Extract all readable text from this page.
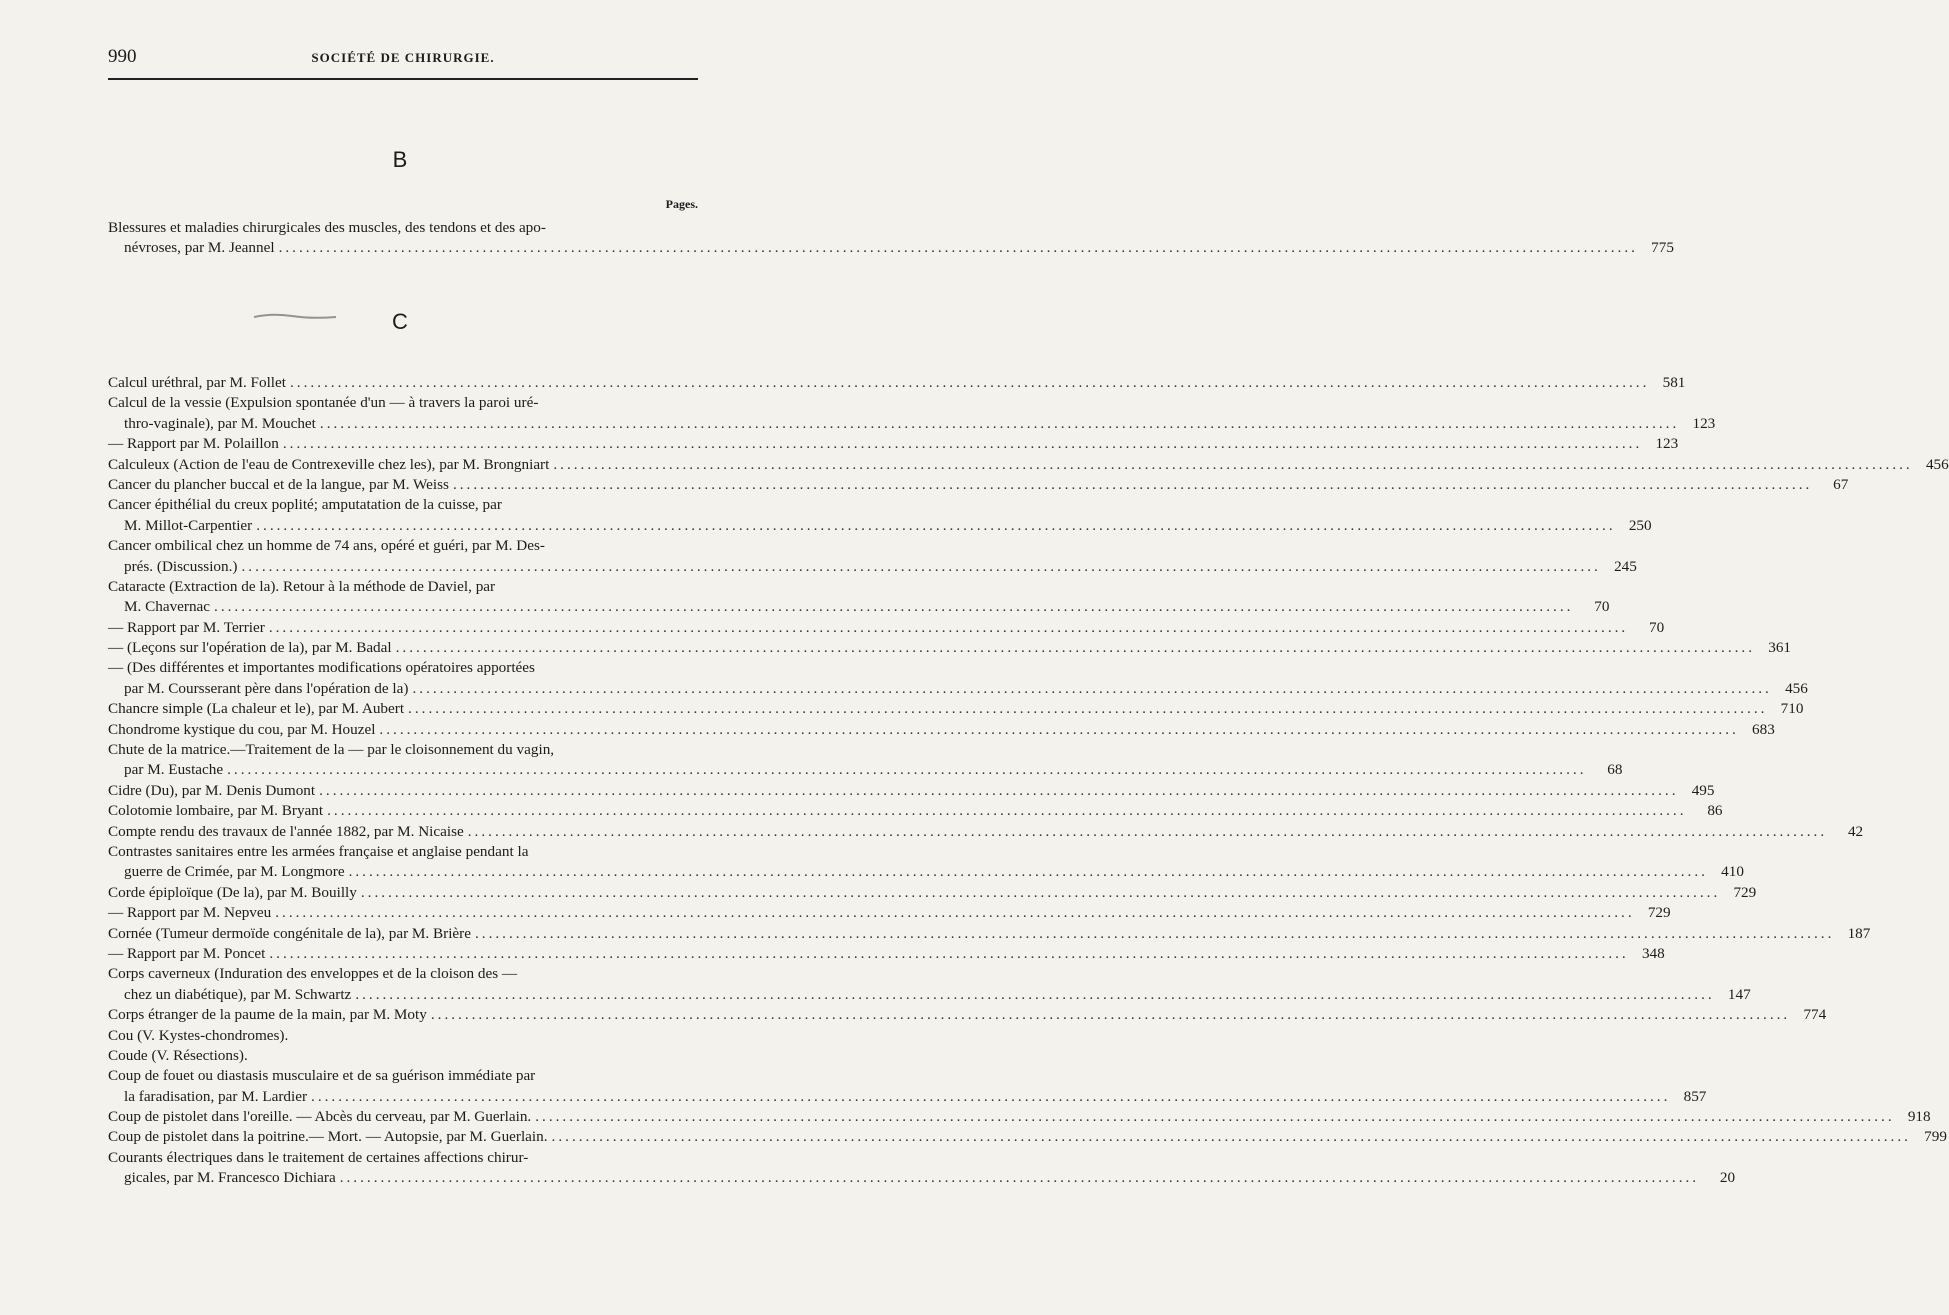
990	SOCIÉTÉ DE CHIRURGIE.
B
Pages.
Blessures et maladies chirurgicales des muscles, des tendons et des apo-
névroses, par M. Jeannel ........................................................................................................................................................................................................ 775
C
Calcul uréthral, par M. Follet ........................................................................................................................................................................................................ 581
Calcul de la vessie (Expulsion spontanée d'un — à travers la paroi uré-
thro-vaginale), par M. Mouchet ........................................................................................................................................................................................................ 123
— Rapport par M. Polaillon ........................................................................................................................................................................................................ 123
Calculeux (Action de l'eau de Contrexeville chez les), par M. Brongniart ........................................................................................................................................................................................................ 456
Cancer du plancher buccal et de la langue, par M. Weiss ........................................................................................................................................................................................................	67
Cancer épithélial du creux poplité; amputatation de la cuisse, par
M. Millot-Carpentier ........................................................................................................................................................................................................ 250
Cancer ombilical chez un homme de 74 ans, opéré et guéri, par M. Des-
prés. (Discussion.) ........................................................................................................................................................................................................ 245
Cataracte (Extraction de la). Retour à la méthode de Daviel, par
M. Chavernac ........................................................................................................................................................................................................	70
— Rapport par M. Terrier ........................................................................................................................................................................................................	70
— (Leçons sur l'opération de la), par M. Badal ........................................................................................................................................................................................................ 361
— (Des différentes et importantes modifications opératoires apportées
par M. Coursserant père dans l'opération de la) ........................................................................................................................................................................................................ 456
Chancre simple (La chaleur et le), par M. Aubert ........................................................................................................................................................................................................ 710
Chondrome kystique du cou, par M. Houzel ........................................................................................................................................................................................................ 683
Chute de la matrice.—Traitement de la — par le cloisonnement du vagin,
par M. Eustache ........................................................................................................................................................................................................	68
Cidre (Du), par M. Denis Dumont ........................................................................................................................................................................................................ 495
Colotomie lombaire, par M. Bryant ........................................................................................................................................................................................................	86
Compte rendu des travaux de l'année 1882, par M. Nicaise ........................................................................................................................................................................................................	42
Contrastes sanitaires entre les armées française et anglaise pendant la
guerre de Crimée, par M. Longmore ........................................................................................................................................................................................................ 410
Corde épiploïque (De la), par M. Bouilly ........................................................................................................................................................................................................ 729
— Rapport par M. Nepveu ........................................................................................................................................................................................................ 729
Cornée (Tumeur dermoïde congénitale de la), par M. Brière ........................................................................................................................................................................................................ 187
— Rapport par M. Poncet ........................................................................................................................................................................................................ 348
Corps caverneux (Induration des enveloppes et de la cloison des —
chez un diabétique), par M. Schwartz ........................................................................................................................................................................................................ 147
Corps étranger de la paume de la main, par M. Moty ........................................................................................................................................................................................................ 774
Cou (V. Kystes-chondromes).
Coude (V. Résections).
Coup de fouet ou diastasis musculaire et de sa guérison immédiate par
la faradisation, par M. Lardier ........................................................................................................................................................................................................ 857
Coup de pistolet dans l'oreille. — Abcès du cerveau, par M. Guerlain. ........................................................................................................................................................................................................ 918
Coup de pistolet dans la poitrine.— Mort. — Autopsie, par M. Guerlain. ........................................................................................................................................................................................................ 799
Courants électriques dans le traitement de certaines affections chirur-
gicales, par M. Francesco Dichiara ........................................................................................................................................................................................................	20
